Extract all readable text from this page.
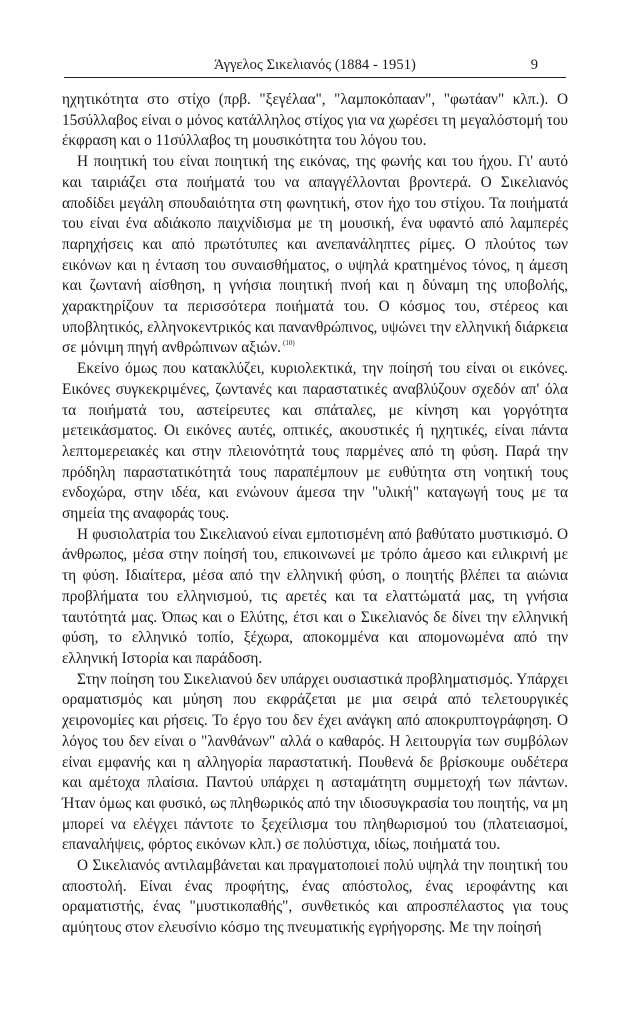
Άγγελος Σικελιανός (1884 - 1951)	9

ηχητικότητα στο στίχο (πρβ. "ξεγέλαα", "λαμποκόπααν", "φωτάαν" κλπ.). Ο 15σύλλαβος είναι ο μόνος κατάλληλος στίχος για να χωρέσει τη μεγαλόστομή του έκφραση και ο 11σύλλαβος τη μουσικότητα του λόγου του.

Η ποιητική του είναι ποιητική της εικόνας, της φωνής και του ήχου. Γι' αυτό και ταιριάζει στα ποιήματά του να απαγγέλλονται βροντερά. Ο Σικελιανός αποδίδει μεγάλη σπουδαιότητα στη φωνητική, στον ήχο του στίχου. Τα ποιήματά του είναι ένα αδιάκοπο παιχνίδισμα με τη μουσική, ένα υφαντό από λαμπερές παρηχήσεις και από πρωτότυπες και ανεπανάληπτες ρίμες. Ο πλούτος των εικόνων και η ένταση του συναισθήματος, ο υψηλά κρατημένος τόνος, η άμεση και ζωντανή αίσθηση, η γνήσια ποιητική πνοή και η δύναμη της υποβολής, χαρακτηρίζουν τα περισσότερα ποιήματά του. Ο κόσμος του, στέρεος και υποβλητικός, ελληνοκεντρικός και πανανθρώπινος, υψώνει την ελληνική διάρκεια σε μόνιμη πηγή ανθρώπινων αξιών. $^{(10)}$

Εκείνο όμως που κατακλύζει, κυριολεκτικά, την ποίησή του είναι οι εικόνες. Εικόνες συγκεκριμένες, ζωντανές και παραστατικές αναβλύζουν σχεδόν απ' όλα τα ποιήματά του, αστείρευτες και σπάταλες, με κίνηση και γοργότητα μετεικάσματος. Οι εικόνες αυτές, οπτικές, ακουστικές ή ηχητικές, είναι πάντα λεπτομερειακές και στην πλειονότητά τους παρμένες από τη φύση. Παρά την πρόδηλη παραστατικότητά τους παραπέμπουν με ευθύτητα στη νοητική τους ενδοχώρα, στην ιδέα, και ενώνουν άμεσα την "υλική" καταγωγή τους με τα σημεία της αναφοράς τους.

Η φυσιολατρία του Σικελιανού είναι εμποτισμένη από βαθύτατο μυστικισμό. Ο άνθρωπος, μέσα στην ποίησή του, επικοινωνεί με τρόπο άμεσο και ειλικρινή με τη φύση. Ιδιαίτερα, μέσα από την ελληνική φύση, ο ποιητής βλέπει τα αιώνια προβλήματα του ελληνισμού, τις αρετές και τα ελαττώματά μας, τη γνήσια ταυτότητά μας. Όπως και ο Ελύτης, έτσι και ο Σικελιανός δε δίνει την ελληνική φύση, το ελληνικό τοπίο, ξέχωρα, αποκομμένα και απομονωμένα από την ελληνική Ιστορία και παράδοση.

Στην ποίηση του Σικελιανού δεν υπάρχει ουσιαστικά προβληματισμός. Υπάρχει οραματισμός και μύηση που εκφράζεται με μια σειρά από τελετουργικές χειρονομίες και ρήσεις. Το έργο του δεν έχει ανάγκη από αποκρυπτογράφηση. Ο λόγος του δεν είναι ο "λανθάνων" αλλά ο καθαρός. Η λειτουργία των συμβόλων είναι εμφανής και η αλληγορία παραστατική. Πουθενά δε βρίσκουμε ουδέτερα και αμέτοχα πλαίσια. Παντού υπάρχει η ασταμάτητη συμμετοχή των πάντων. Ήταν όμως και φυσικό, ως πληθωρικός από την ιδιοσυγκρασία του ποιητής, να μη μπορεί να ελέγχει πάντοτε το ξεχείλισμα του πληθωρισμού του (πλατειασμοί, επαναλήψεις, φόρτος εικόνων κλπ.) σε πολύστιχα, ιδίως, ποιήματά του.

Ο Σικελιανός αντιλαμβάνεται και πραγματοποιεί πολύ υψηλά την ποιητική του αποστολή. Είναι ένας προφήτης, ένας απόστολος, ένας ιεροφάντης και οραματιστής, ένας "μυστικοπαθής", συνθετικός και απροσπέλαστος για τους αμύητους στον ελευσίνιο κόσμο της πνευματικής εγρήγορσης. Με την ποίησή
